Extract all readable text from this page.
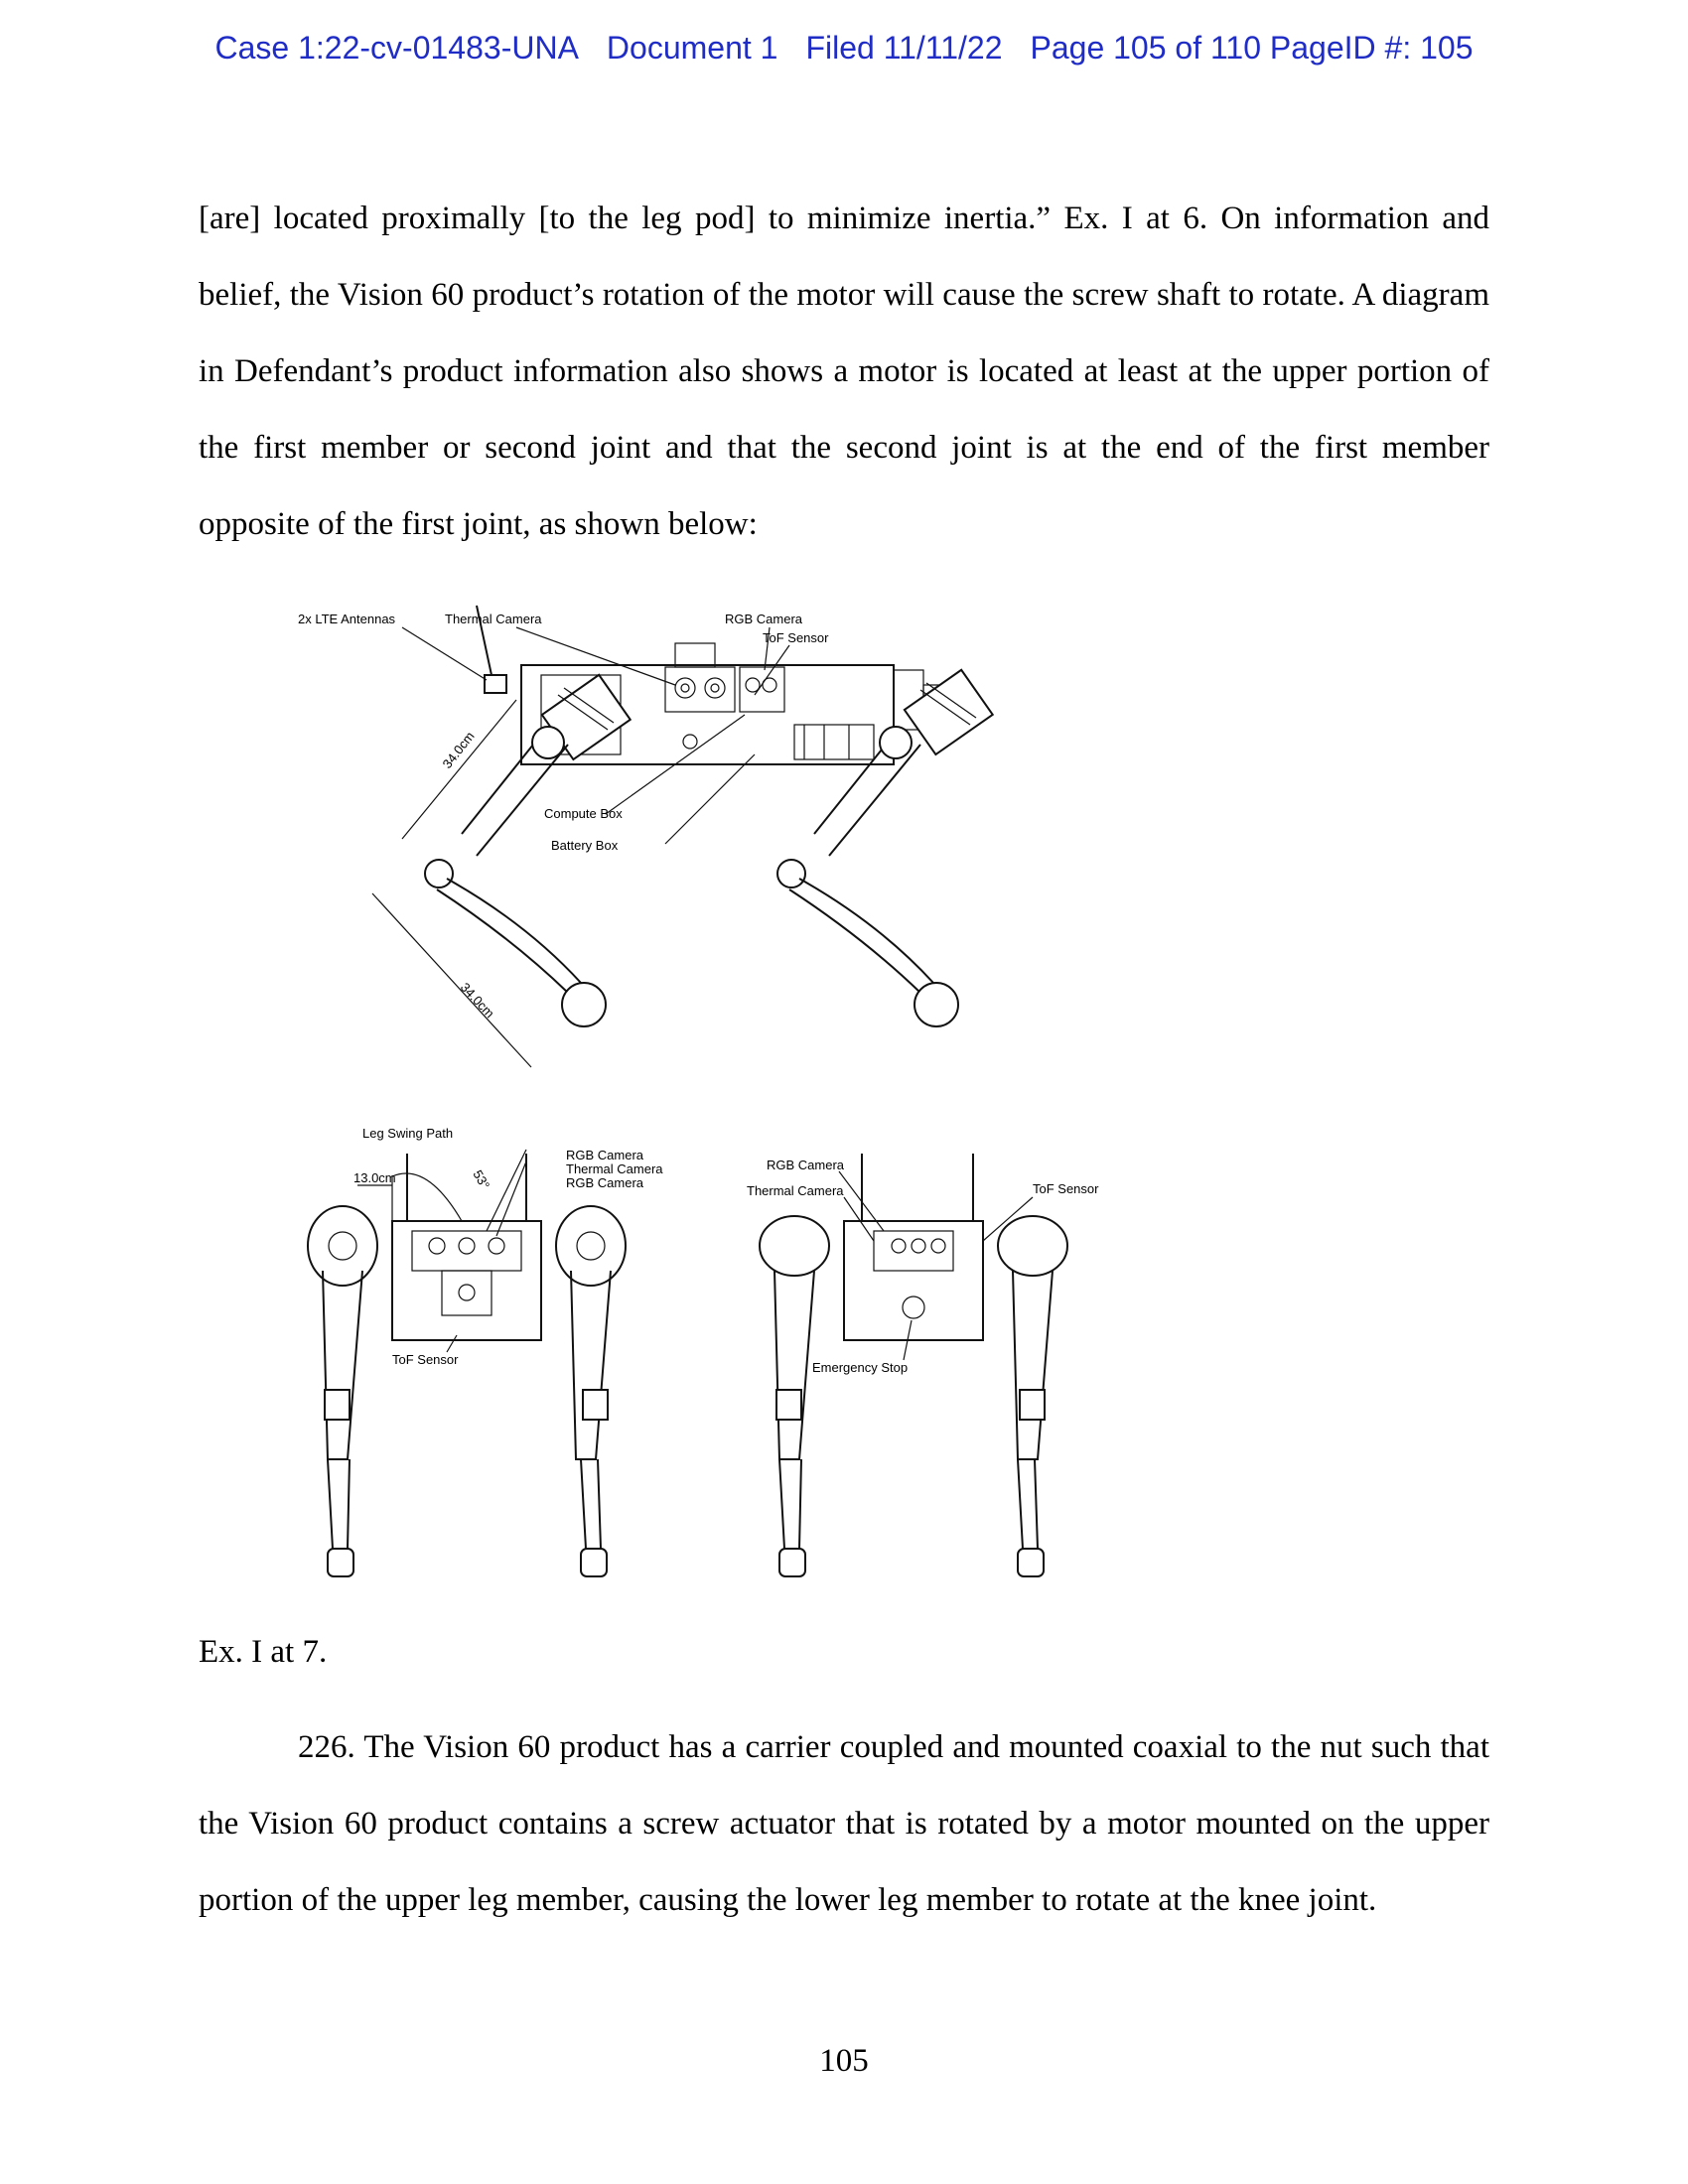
Case 1:22-cv-01483-UNA Document 1 Filed 11/11/22 Page 105 of 110 PageID #: 105
[are] located proximally [to the leg pod] to minimize inertia.” Ex. I at 6. On information and belief, the Vision 60 product’s rotation of the motor will cause the screw shaft to rotate. A diagram in Defendant’s product information also shows a motor is located at least at the upper portion of the first member or second joint and that the second joint is at the end of the first member opposite of the first joint, as shown below:
2x LTE Antennas	Thermal Camera	RGB Camera
ToF Sensor
Compute Box
Battery Box
34.0cm
34.0cm
Leg Swing Path
13.0cm	53°
RGB Camera
Thermal Camera
RGB Camera
ToF Sensor
RGB Camera
Thermal Camera	ToF Sensor
Emergency Stop
Ex. I at 7.
226. The Vision 60 product has a carrier coupled and mounted coaxial to the nut such that the Vision 60 product contains a screw actuator that is rotated by a motor mounted on the upper portion of the upper leg member, causing the lower leg member to rotate at the knee joint.
105
